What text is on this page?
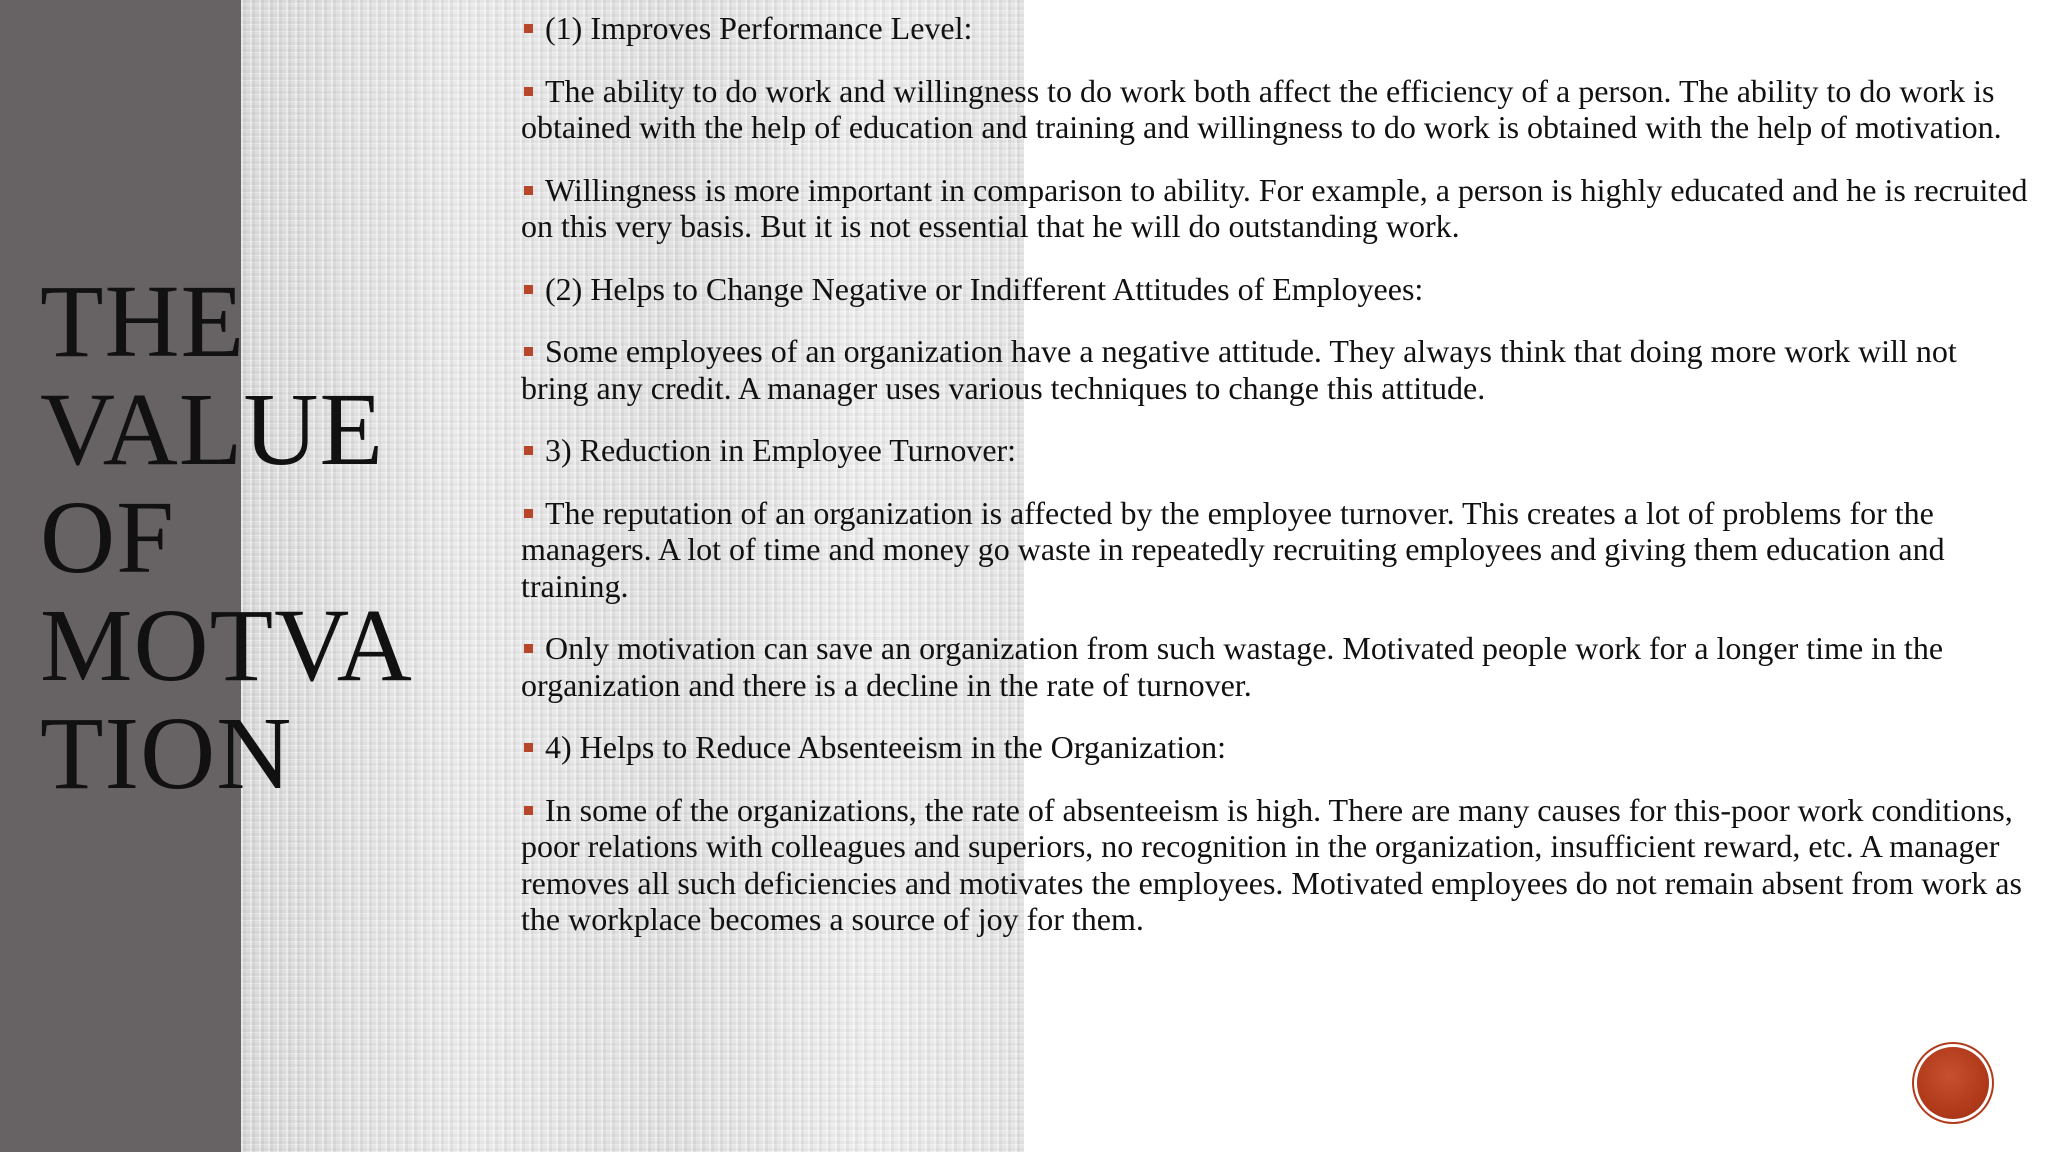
THE
VALUE
OF
MOTVA
TION

(1) Improves Performance Level:

The ability to do work and willingness to do work both affect the efficiency of a person. The ability to do work is obtained with the help of education and training and willingness to do work is obtained with the help of motivation.

Willingness is more important in comparison to ability. For example, a person is highly educated and he is recruited on this very basis. But it is not essential that he will do outstanding work.

(2) Helps to Change Negative or Indifferent Attitudes of Employees:

Some employees of an organization have a negative attitude. They always think that doing more work will not bring any credit. A manager uses various techniques to change this attitude.

3) Reduction in Employee Turnover:

The reputation of an organization is affected by the employee turnover. This creates a lot of problems for the managers. A lot of time and money go waste in repeatedly recruiting employees and giving them education and training.

Only motivation can save an organization from such wastage. Motivated people work for a longer time in the organization and there is a decline in the rate of turnover.

4) Helps to Reduce Absenteeism in the Organization:

In some of the organizations, the rate of absenteeism is high. There are many causes for this-poor work conditions, poor relations with colleagues and superiors, no recognition in the organization, insufficient reward, etc. A manager removes all such deficiencies and motivates the employees. Motivated employees do not remain absent from work as the workplace becomes a source of joy for them.
